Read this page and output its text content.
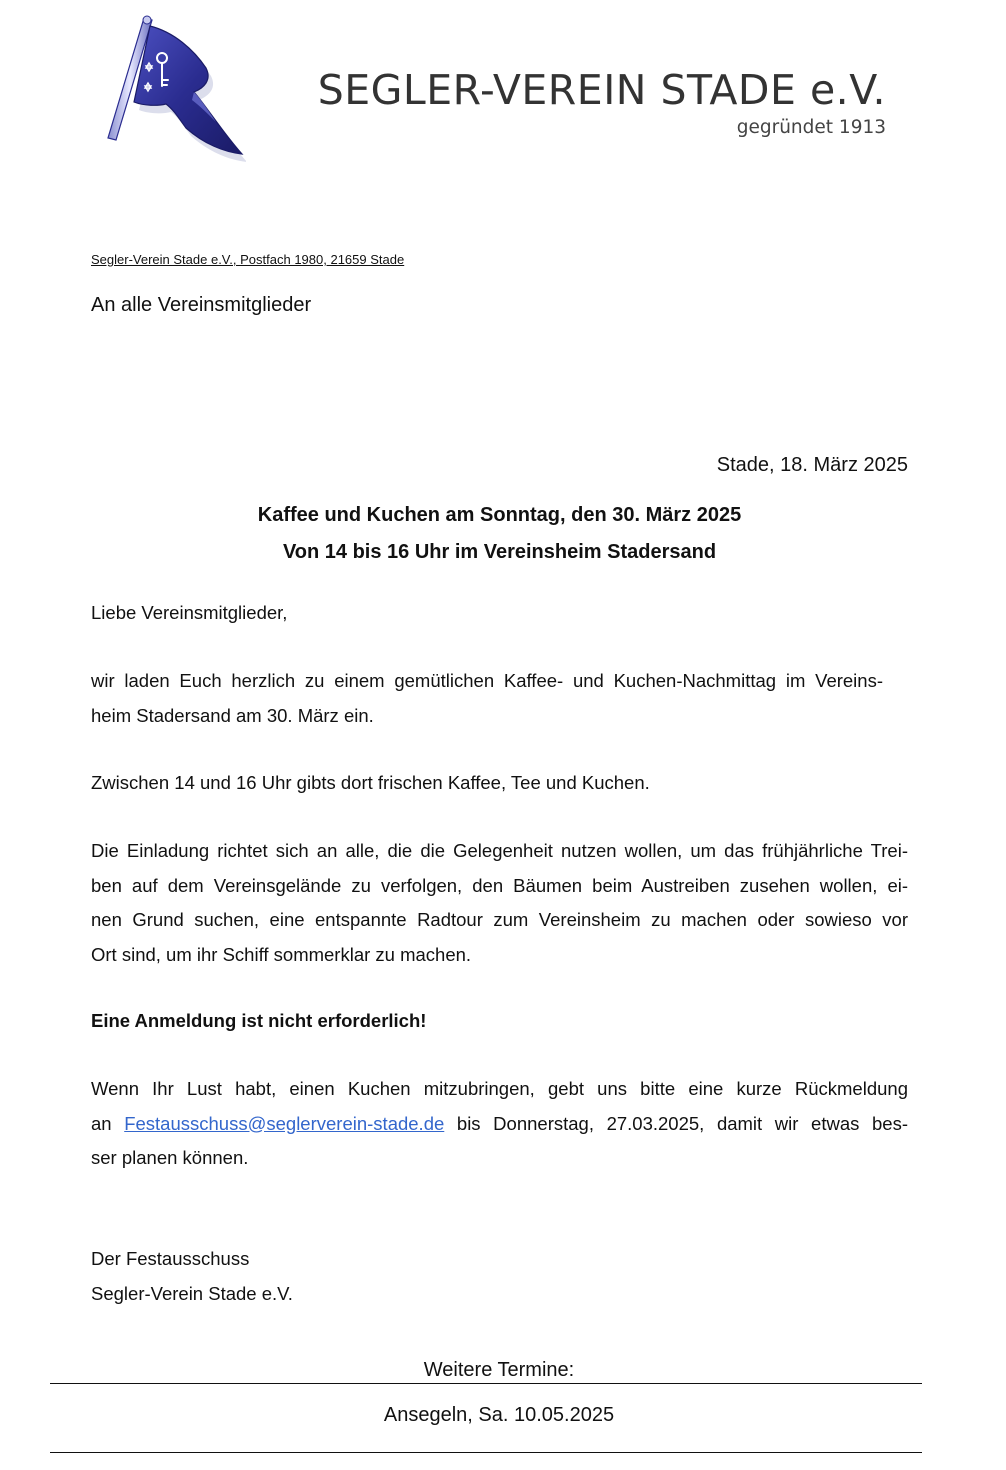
SEGLER-VEREIN STADE e.V.
gegründet 1913
Segler-Verein Stade e.V., Postfach 1980, 21659 Stade
An alle Vereinsmitglieder
Stade, 18. März 2025
Kaffee und Kuchen am Sonntag, den 30. März 2025
Von 14 bis 16 Uhr im Vereinsheim Stadersand
Liebe Vereinsmitglieder,
wir laden Euch herzlich zu einem gemütlichen Kaffee- und Kuchen-Nachmittag im Vereins-
heim Stadersand am 30. März ein.
Zwischen 14 und 16 Uhr gibts dort frischen Kaffee, Tee und Kuchen.
Die Einladung richtet sich an alle, die die Gelegenheit nutzen wollen, um das frühjährliche Trei-
ben auf dem Vereinsgelände zu verfolgen, den Bäumen beim Austreiben zusehen wollen, ei-
nen Grund suchen, eine entspannte Radtour zum Vereinsheim zu machen oder sowieso vor
Ort sind, um ihr Schiff sommerklar zu machen.
Eine Anmeldung ist nicht erforderlich!
Wenn Ihr Lust habt, einen Kuchen mitzubringen, gebt uns bitte eine kurze Rückmeldung
an Festausschuss@seglerverein-stade.de bis Donnerstag, 27.03.2025, damit wir etwas bes-
ser planen können.
Der Festausschuss
Segler-Verein Stade e.V.
Weitere Termine:
Ansegeln, Sa. 10.05.2025
